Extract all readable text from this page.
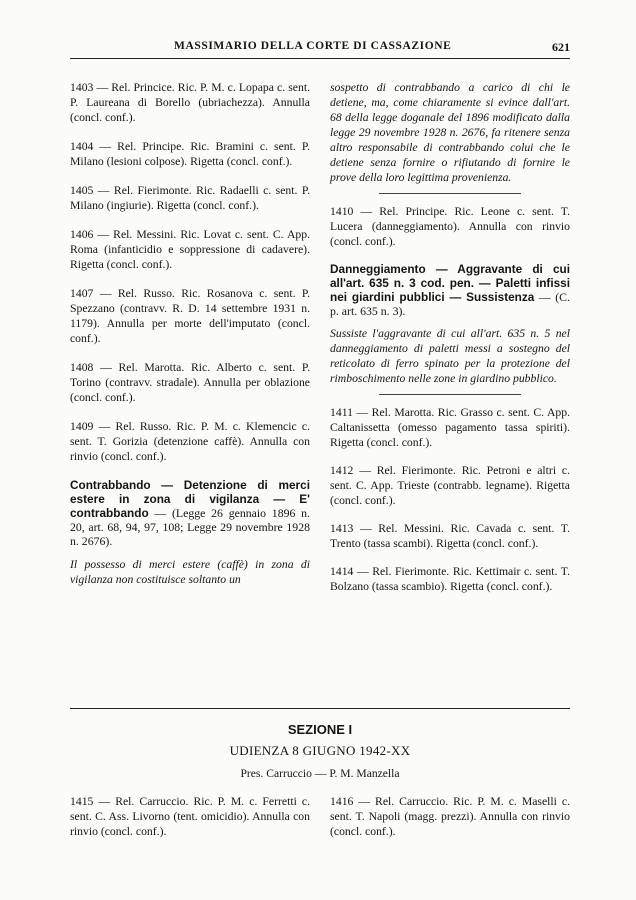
MASSIMARIO DELLA CORTE DI CASSAZIONE	621
1403 — Rel. Princice. Ric. P. M. c. Lopapa c. sent. P. Laureana di Borello (ubriachezza). Annulla (concl. conf.).
1404 — Rel. Principe. Ric. Bramini c. sent. P. Milano (lesioni colpose). Rigetta (concl. conf.).
1405 — Rel. Fierimonte. Ric. Radaelli c. sent. P. Milano (ingiurie). Rigetta (concl. conf.).
1406 — Rel. Messini. Ric. Lovat c. sent. C. App. Roma (infanticidio e soppressione di cadavere). Rigetta (concl. conf.).
1407 — Rel. Russo. Ric. Rosanova c. sent. P. Spezzano (contravv. R. D. 14 settembre 1931 n. 1179). Annulla per morte dell'imputato (concl. conf.).
1408 — Rel. Marotta. Ric. Alberto c. sent. P. Torino (contravv. stradale). Annulla per oblazione (concl. conf.).
1409 — Rel. Russo. Ric. P. M. c. Klemencic c. sent. T. Gorizia (detenzione caffè). Annulla con rinvio (concl. conf.).
Contrabbando — Detenzione di merci estere in zona di vigilanza — E' contrabbando — (Legge 26 gennaio 1896 n. 20, art. 68, 94, 97, 108; Legge 29 novembre 1928 n. 2676).
Il possesso di merci estere (caffè) in zona di vigilanza non costituisce soltanto un
sospetto di contrabbando a carico di chi le detiene, ma, come chiaramente si evince dall'art. 68 della legge doganale del 1896 modificato dalla legge 29 novembre 1928 n. 2676, fa ritenere senza altro responsabile di contrabbando colui che le detiene senza fornire o rifiutando di fornire le prove della loro legittima provenienza.
1410 — Rel. Principe. Ric. Leone c. sent. T. Lucera (danneggiamento). Annulla con rinvio (concl. conf.).
Danneggiamento — Aggravante di cui all'art. 635 n. 3 cod. pen. — Paletti infissi nei giardini pubblici — Sussistenza — (C. p. art. 635 n. 3).
Sussiste l'aggravante di cui all'art. 635 n. 5 nel danneggiamento di paletti messi a sostegno del reticolato di ferro spinato per la protezione del rimboschimento nelle zone in giardino pubblico.
1411 — Rel. Marotta. Ric. Grasso c. sent. C. App. Caltanissetta (omesso pagamento tassa spiriti). Rigetta (concl. conf.).
1412 — Rel. Fierimonte. Ric. Petroni e altri c. sent. C. App. Trieste (contrabb. legname). Rigetta (concl. conf.).
1413 — Rel. Messini. Ric. Cavada c. sent. T. Trento (tassa scambi). Rigetta (concl. conf.).
1414 — Rel. Fierimonte. Ric. Kettimair c. sent. T. Bolzano (tassa scambio). Rigetta (concl. conf.).
SEZIONE I
UDIENZA 8 GIUGNO 1942-XX
Pres. Carruccio — P. M. Manzella
1415 — Rel. Carruccio. Ric. P. M. c. Ferretti c. sent. C. Ass. Livorno (tent. omicidio). Annulla con rinvio (concl. conf.).
1416 — Rel. Carruccio. Ric. P. M. c. Maselli c. sent. T. Napoli (magg. prezzi). Annulla con rinvio (concl. conf.).
